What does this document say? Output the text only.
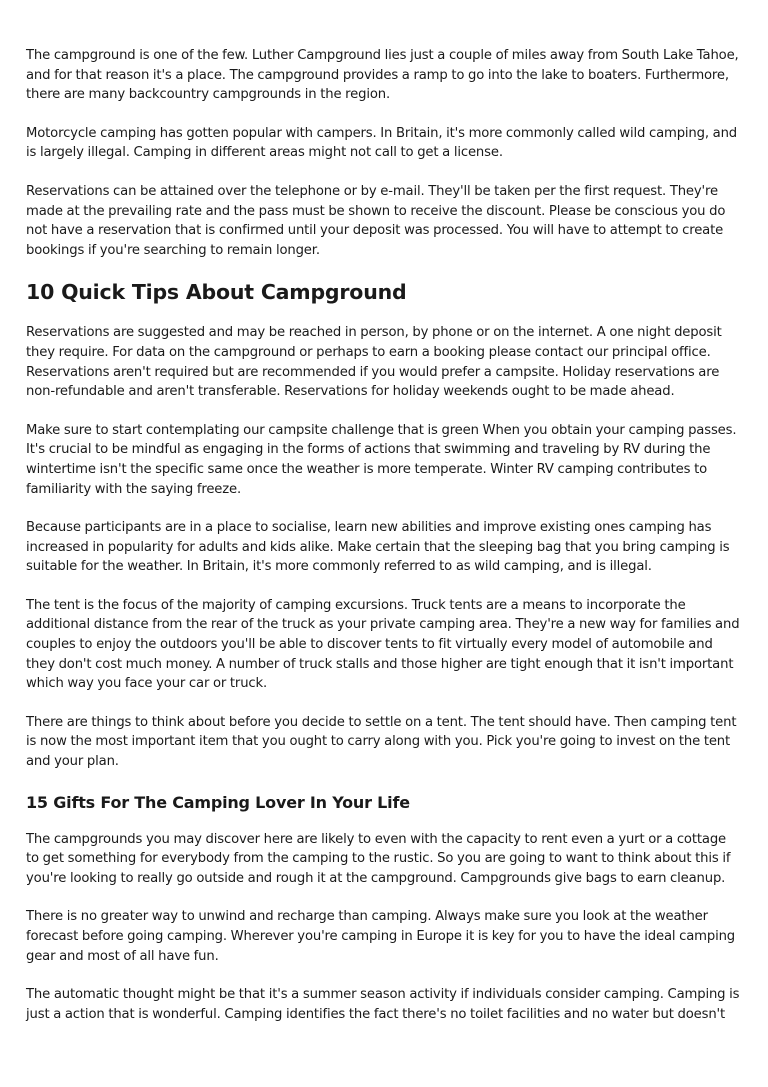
The campground is one of the few. Luther Campground lies just a couple of miles away from South Lake Tahoe, and for that reason it's a place. The campground provides a ramp to go into the lake to boaters. Furthermore, there are many backcountry campgrounds in the region.

Motorcycle camping has gotten popular with campers. In Britain, it's more commonly called wild camping, and is largely illegal. Camping in different areas might not call to get a license.

Reservations can be attained over the telephone or by e-mail. They'll be taken per the first request. They're made at the prevailing rate and the pass must be shown to receive the discount. Please be conscious you do not have a reservation that is confirmed until your deposit was processed. You will have to attempt to create bookings if you're searching to remain longer.

10 Quick Tips About Campground

Reservations are suggested and may be reached in person, by phone or on the internet. A one night deposit they require. For data on the campground or perhaps to earn a booking please contact our principal office. Reservations aren't required but are recommended if you would prefer a campsite. Holiday reservations are non-refundable and aren't transferable. Reservations for holiday weekends ought to be made ahead.

Make sure to start contemplating our campsite challenge that is green When you obtain your camping passes. It's crucial to be mindful as engaging in the forms of actions that swimming and traveling by RV during the wintertime isn't the specific same once the weather is more temperate. Winter RV camping contributes to familiarity with the saying freeze.

Because participants are in a place to socialise, learn new abilities and improve existing ones camping has increased in popularity for adults and kids alike. Make certain that the sleeping bag that you bring camping is suitable for the weather. In Britain, it's more commonly referred to as wild camping, and is illegal.

The tent is the focus of the majority of camping excursions. Truck tents are a means to incorporate the additional distance from the rear of the truck as your private camping area. They're a new way for families and couples to enjoy the outdoors you'll be able to discover tents to fit virtually every model of automobile and they don't cost much money. A number of truck stalls and those higher are tight enough that it isn't important which way you face your car or truck.

There are things to think about before you decide to settle on a tent. The tent should have. Then camping tent is now the most important item that you ought to carry along with you. Pick you're going to invest on the tent and your plan.

15 Gifts For The Camping Lover In Your Life

The campgrounds you may discover here are likely to even with the capacity to rent even a yurt or a cottage to get something for everybody from the camping to the rustic. So you are going to want to think about this if you're looking to really go outside and rough it at the campground. Campgrounds give bags to earn cleanup.

There is no greater way to unwind and recharge than camping. Always make sure you look at the weather forecast before going camping. Wherever you're camping in Europe it is key for you to have the ideal camping gear and most of all have fun.

The automatic thought might be that it's a summer season activity if individuals consider camping. Camping is just a action that is wonderful. Camping identifies the fact there's no toilet facilities and no water but doesn't
